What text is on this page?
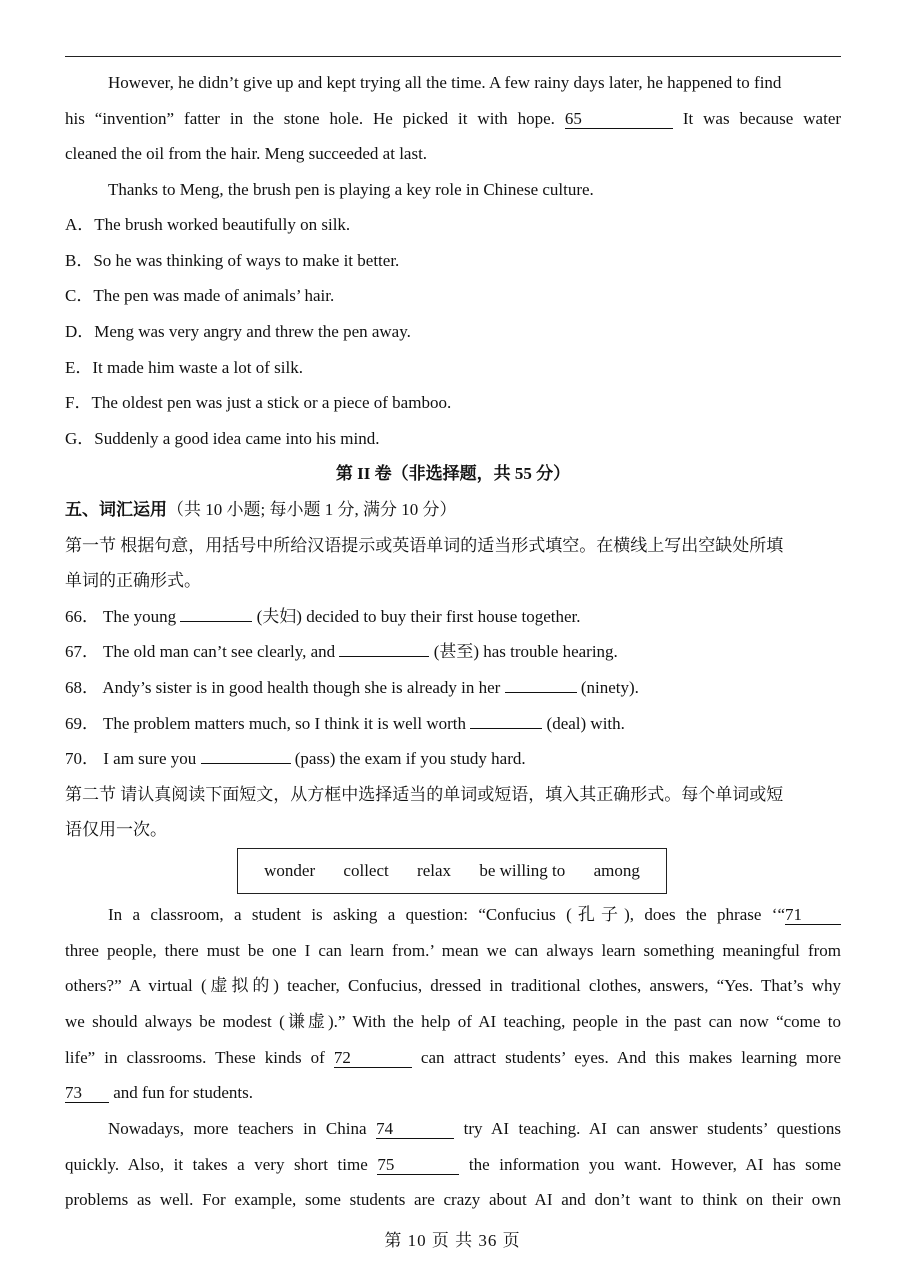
However, he didn’t give up and kept trying all the time. A few rainy days later, he happened to find
his “invention” fatter in the stone hole. He picked it with hope. 65	It was because water
cleaned the oil from the hair. Meng succeeded at last.
Thanks to Meng, the brush pen is playing a key role in Chinese culture.
A．The brush worked beautifully on silk.
B．So he was thinking of ways to make it better.
C．The pen was made of animals’ hair.
D．Meng was very angry and threw the pen away.
E．It made him waste a lot of silk.
F．The oldest pen was just a stick or a piece of bamboo.
G．Suddenly a good idea came into his mind.
第 II 卷（非选择题，共 55 分）
五、词汇运用（共 10 小题; 每小题 1 分, 满分 10 分）
第一节 根据句意，用括号中所给汉语提示或英语单词的适当形式填空。在横线上写出空缺处所填
单词的正确形式。
66． The young	(夫妇) decided to buy their first house together.
67． The old man can’t see clearly, and	(甚至) has trouble hearing.
68． Andy’s sister is in good health though she is already in her	(ninety).
69． The problem matters much, so I think it is well worth	(deal) with.
70． I am sure you	(pass) the exam if you study hard.
第二节 请认真阅读下面短文，从方框中选择适当的单词或短语，填入其正确形式。每个单词或短
语仅用一次。
wonder collect relax be willing to among
In a classroom, a student is asking a question: “Confucius (孔子), does the phrase ‘“71
three people, there must be one I can learn from.’ mean we can always learn something meaningful from
others?” A virtual (虚拟的) teacher, Confucius, dressed in traditional clothes, answers, “Yes. That’s why
we should always be modest (谦虚).” With the help of AI teaching, people in the past can now “come to
life” in classrooms. These kinds of 72	can attract students’ eyes. And this makes learning more
73 and fun for students.
Nowadays, more teachers in China 74	try AI teaching. AI can answer students’ questions
quickly. Also, it takes a very short time 75	the information you want. However, AI has some
problems as well. For example, some students are crazy about AI and don’t want to think on their own
第 10 页 共 36 页
